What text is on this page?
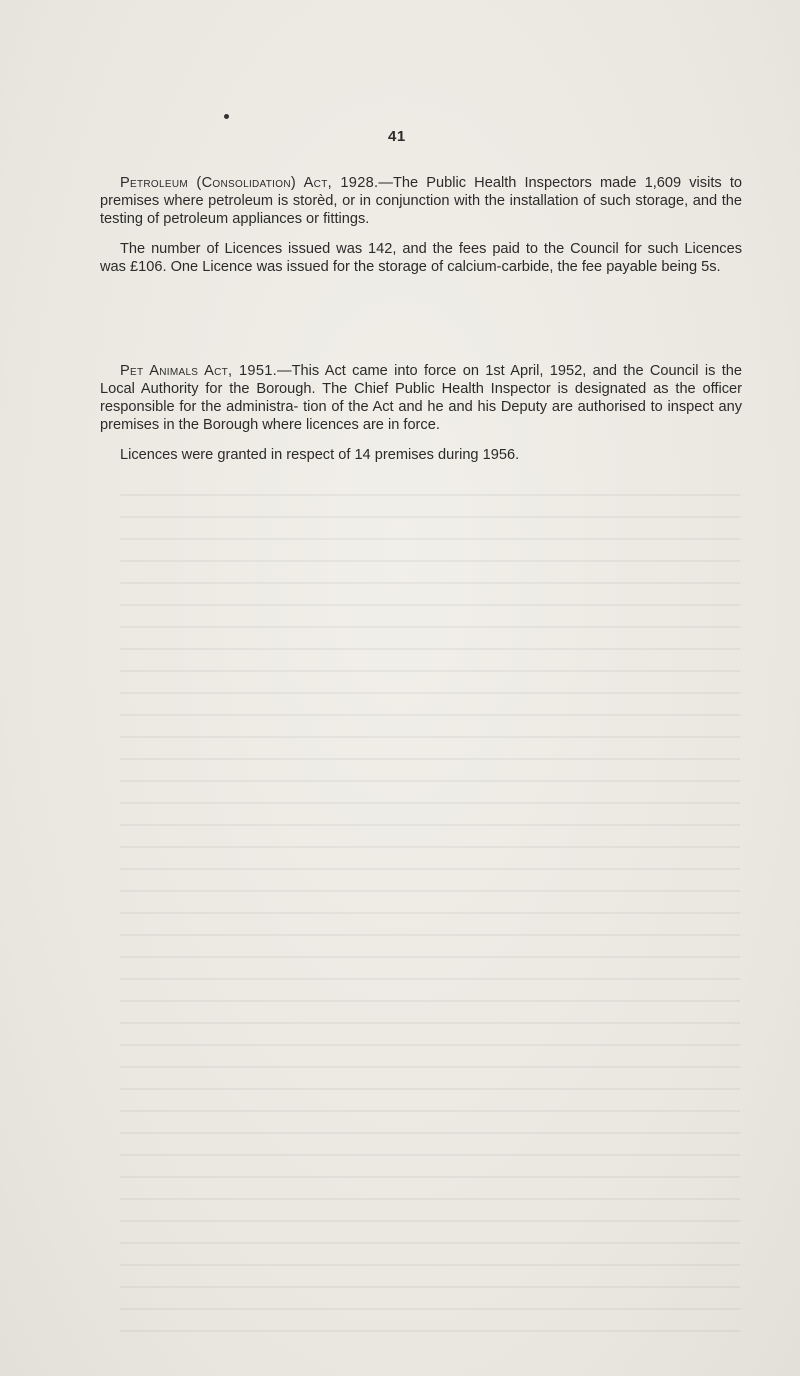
41

Petroleum (Consolidation) Act, 1928.—The Public Health Inspectors made 1,609 visits to premises where petroleum is storèd, or in conjunction with the installation of such storage, and the testing of petroleum appliances or fittings.

The number of Licences issued was 142, and the fees paid to the Council for such Licences was £106. One Licence was issued for the storage of calcium-carbide, the fee payable being 5s.

Pet Animals Act, 1951.—This Act came into force on 1st April, 1952, and the Council is the Local Authority for the Borough. The Chief Public Health Inspector is designated as the officer responsible for the administra- tion of the Act and he and his Deputy are authorised to inspect any premises in the Borough where licences are in force.

Licences were granted in respect of 14 premises during 1956.
